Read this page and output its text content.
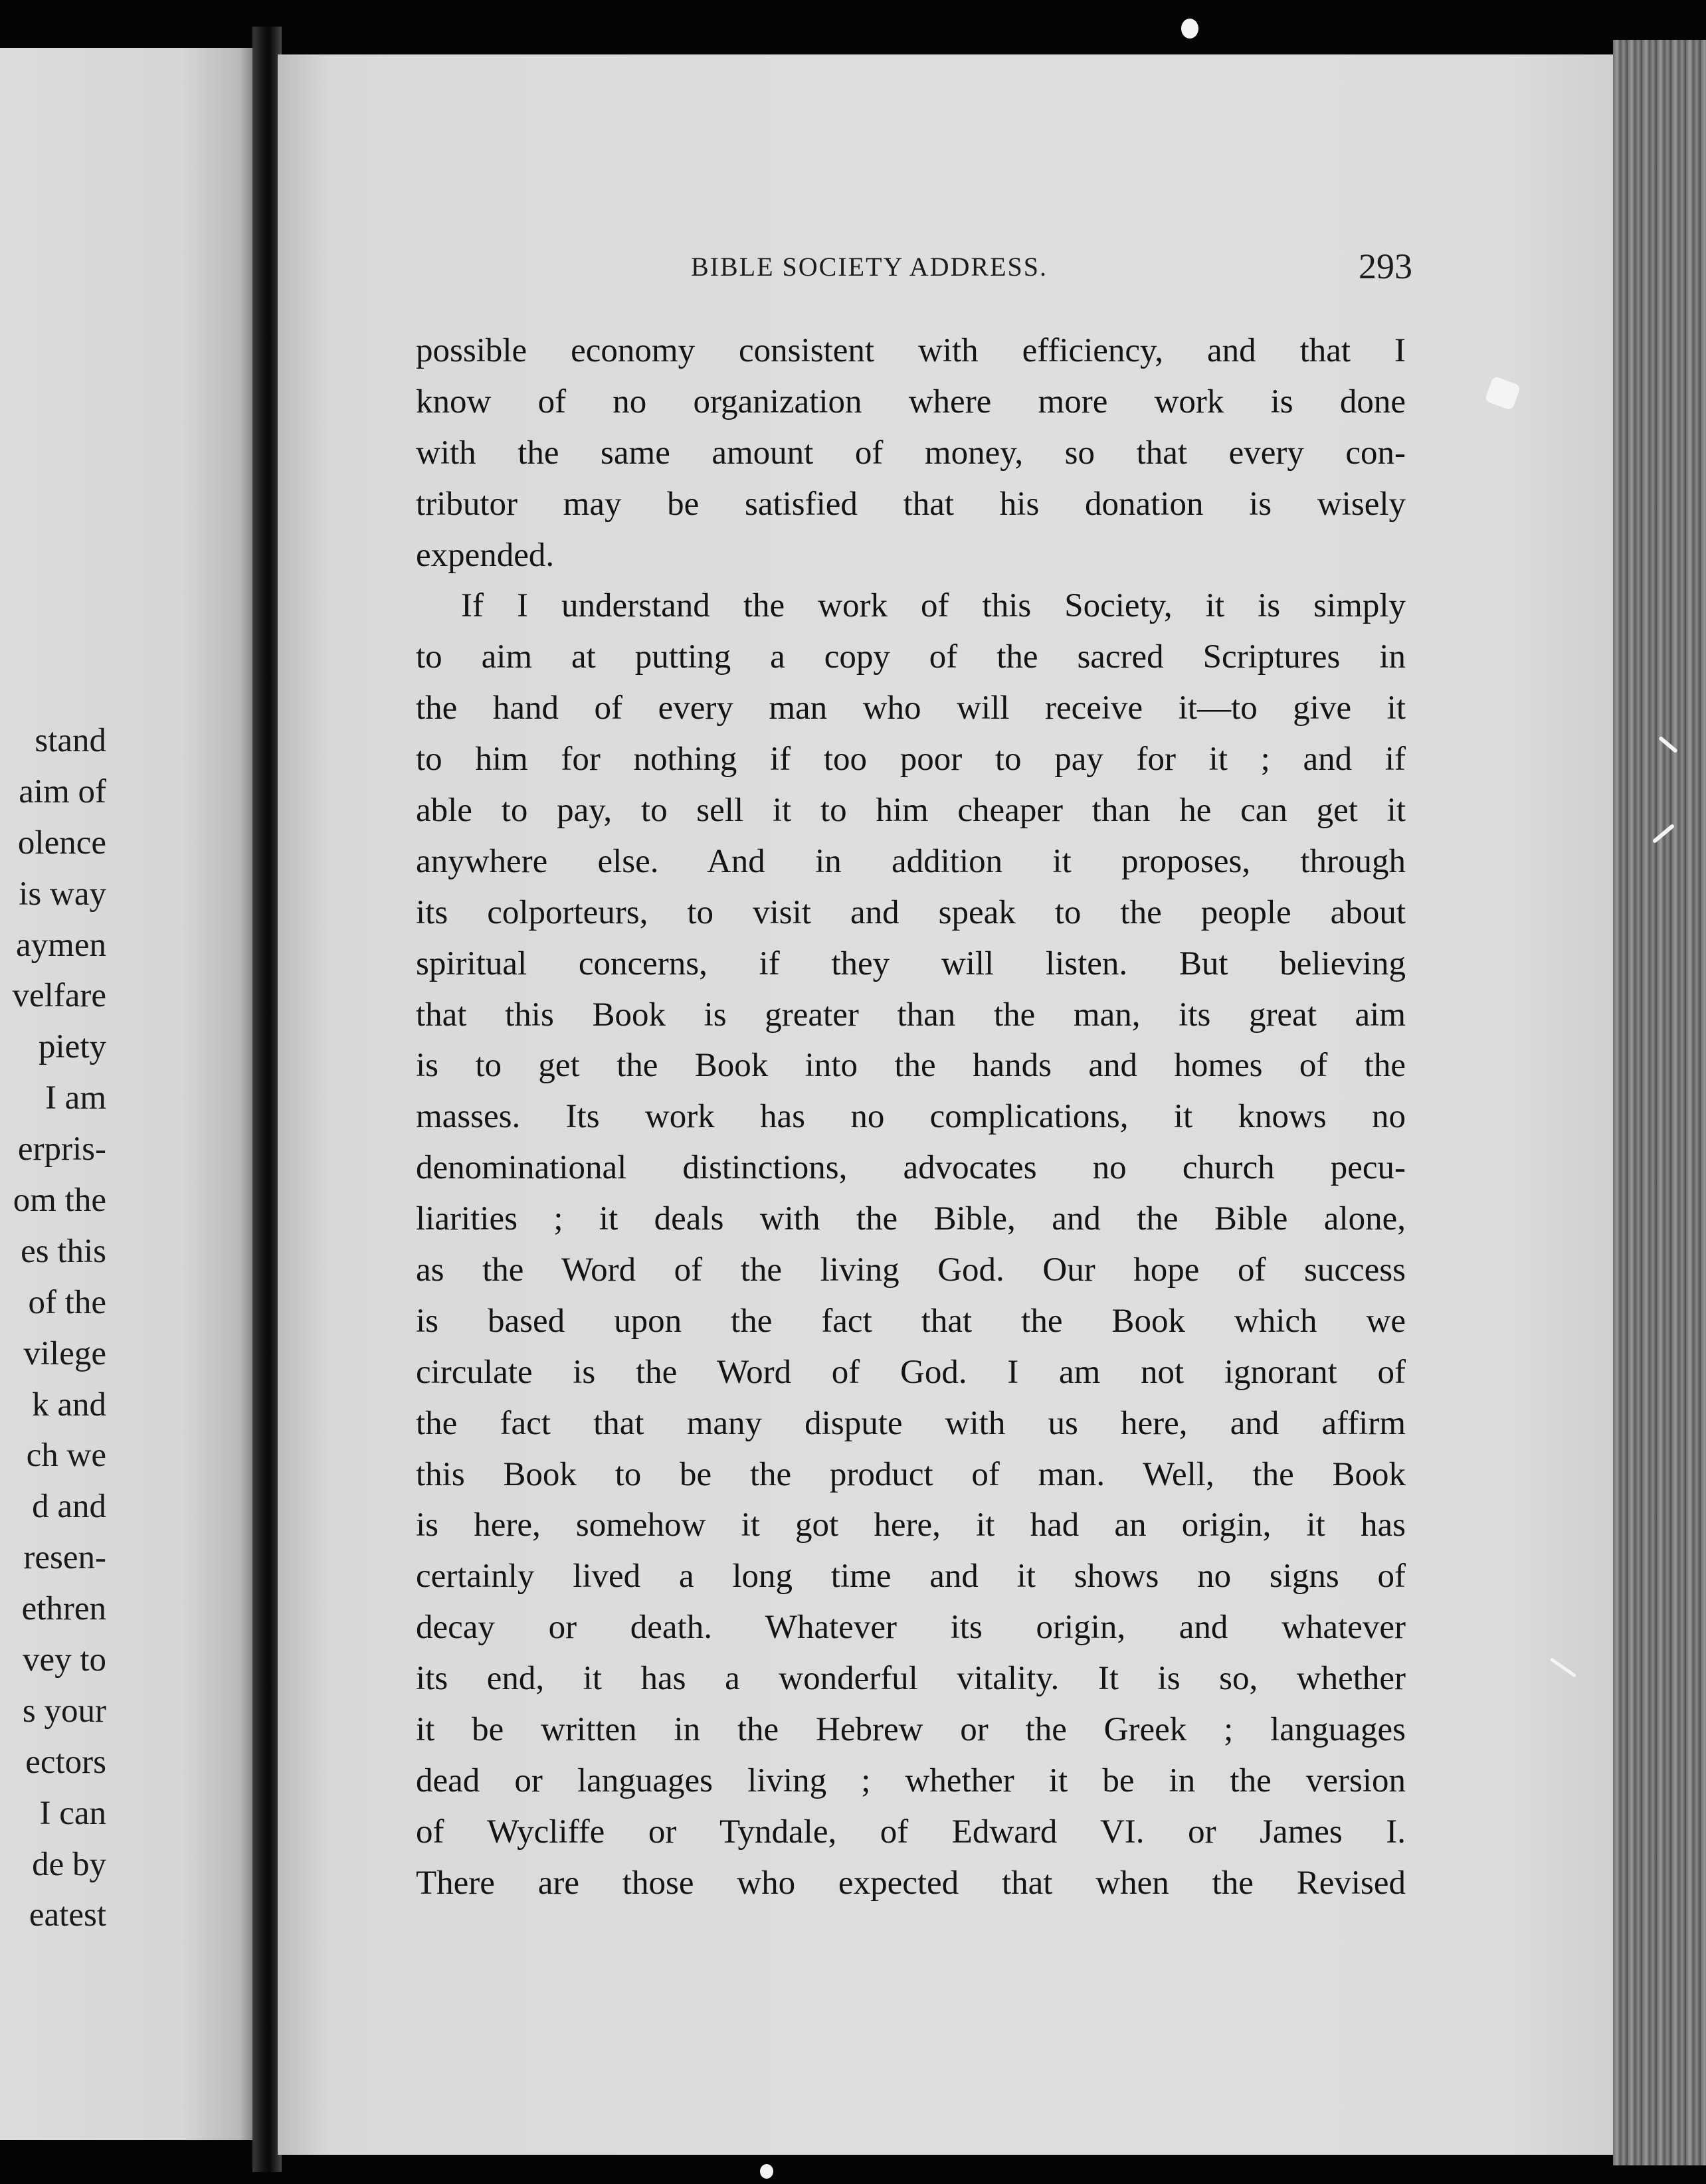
stand
aim of
olence
is way
aymen
velfare
piety
I am
erpris-
om the
es this
of the
vilege
k and
ch we
d and
resen-
ethren
vey to
s your
ectors
I can
de by
eatest
BIBLE SOCIETY ADDRESS.	293
possible economy consistent with efficiency, and that I
know of no organization where more work is done
with the same amount of money, so that every con-
tributor may be satisfied that his donation is wisely
expended.
If I understand the work of this Society, it is simply
to aim at putting a copy of the sacred Scriptures in
the hand of every man who will receive it—to give it
to him for nothing if too poor to pay for it ; and if
able to pay, to sell it to him cheaper than he can get it
anywhere else. And in addition it proposes, through
its colporteurs, to visit and speak to the people about
spiritual concerns, if they will listen. But believing
that this Book is greater than the man, its great aim
is to get the Book into the hands and homes of the
masses. Its work has no complications, it knows no
denominational distinctions, advocates no church pecu-
liarities ; it deals with the Bible, and the Bible alone,
as the Word of the living God. Our hope of success
is based upon the fact that the Book which we
circulate is the Word of God. I am not ignorant of
the fact that many dispute with us here, and affirm
this Book to be the product of man. Well, the Book
is here, somehow it got here, it had an origin, it has
certainly lived a long time and it shows no signs of
decay or death. Whatever its origin, and whatever
its end, it has a wonderful vitality. It is so, whether
it be written in the Hebrew or the Greek ; languages
dead or languages living ; whether it be in the version
of Wycliffe or Tyndale, of Edward VI. or James I.
There are those who expected that when the Revised
